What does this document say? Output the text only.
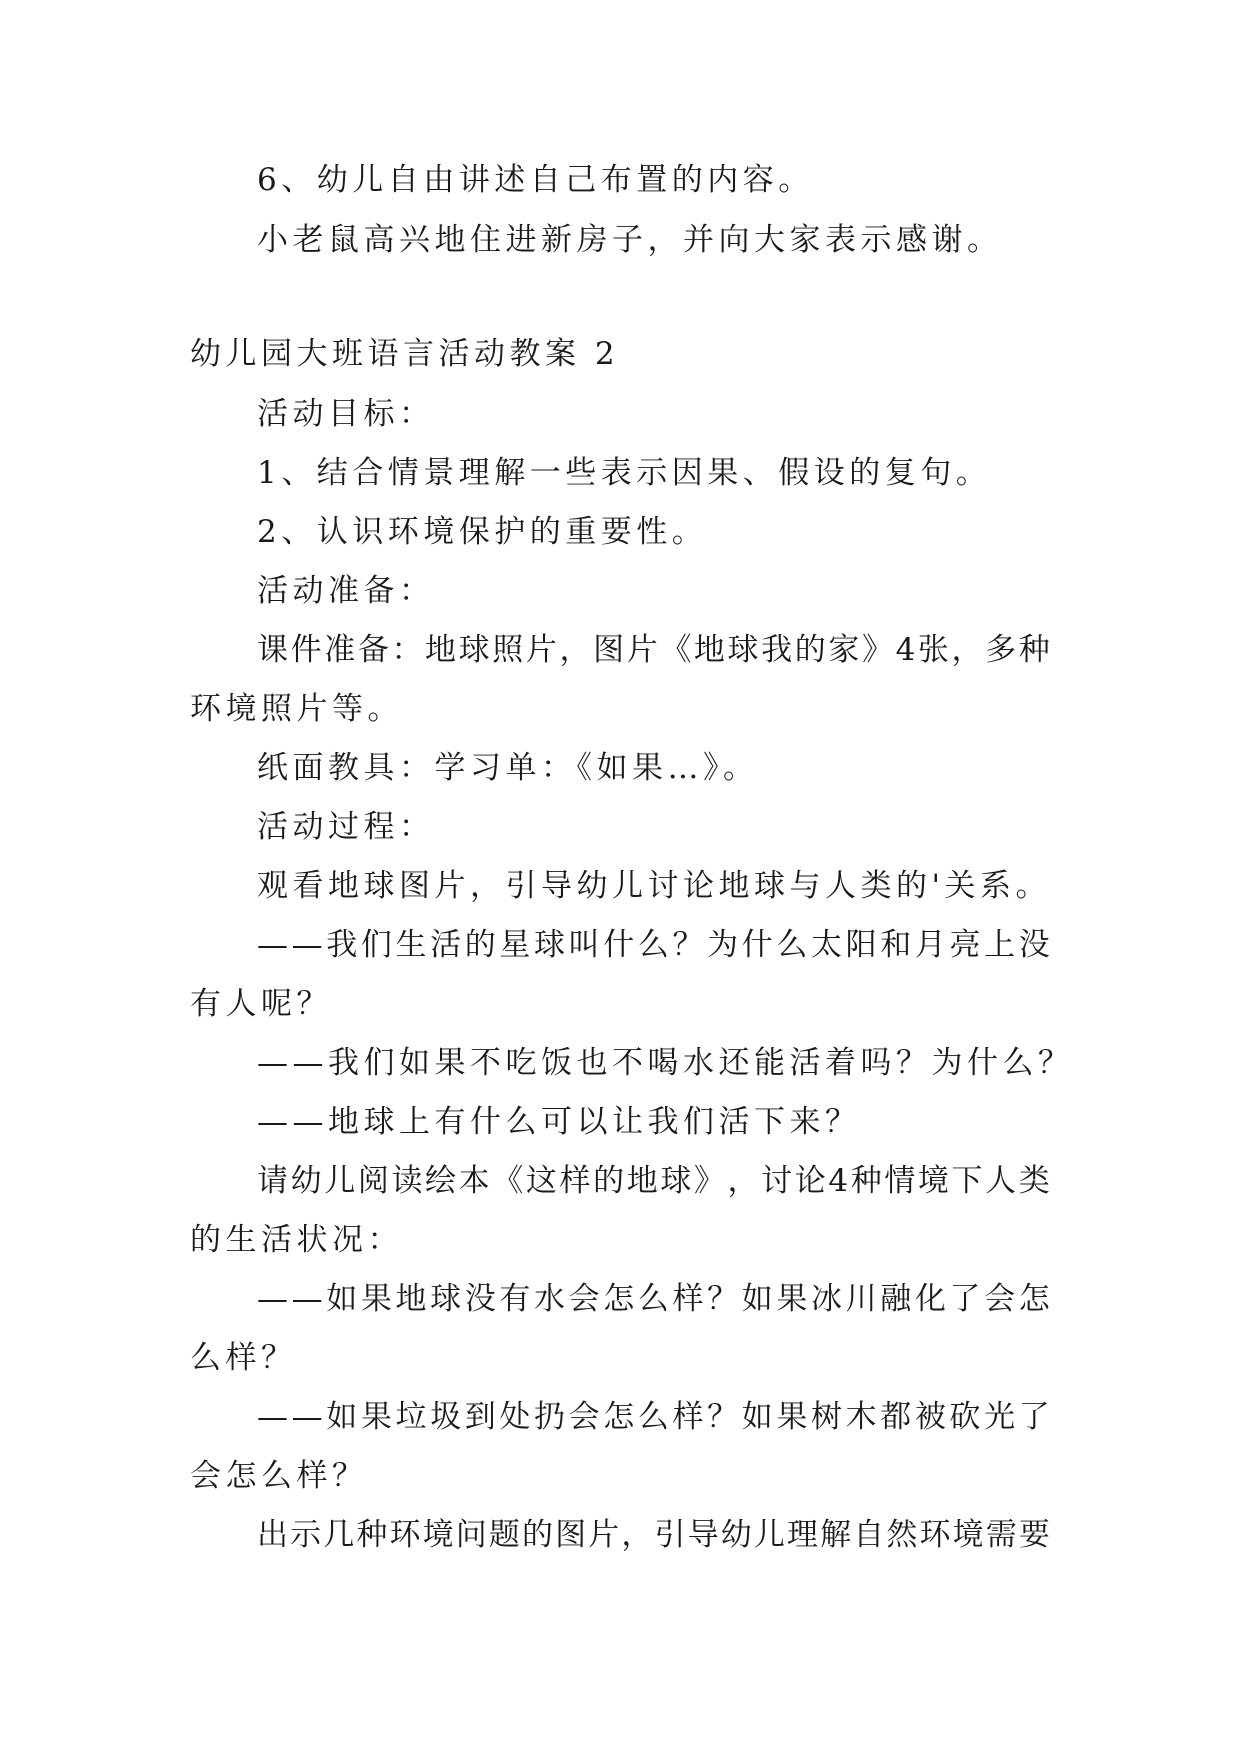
6、幼儿自由讲述自己布置的内容。
小老鼠高兴地住进新房子，并向大家表示感谢。
幼儿园大班语言活动教案 2
活动目标：
1、结合情景理解一些表示因果、假设的复句。
2、认识环境保护的重要性。
活动准备：
课 件 准 备 ： 地 球 照 片 ， 图 片 《 地 球 我 的 家 》 4 张 ， 多 种
环境照片等。
纸面教具：学习单：《如果…》。
活动过程：
观看地球图片，引导幼儿讨论地球与人类的'关系。
— — 我 们 生 活 的 星 球 叫 什 么 ？ 为 什 么 太 阳 和 月 亮 上 没
有人呢？
——我们如果不吃饭也不喝水还能活着吗？为什么？
——地球上有什么可以让我们活下来？
请 幼 儿 阅 读 绘 本 《 这 样 的 地 球 》 ， 讨 论 4 种 情 境 下 人 类
的生活状况：
— — 如 果 地 球 没 有 水 会 怎 么 样 ？ 如 果 冰 川 融 化 了 会 怎
么样？
— — 如 果 垃 圾 到 处 扔 会 怎 么 样 ？ 如 果 树 木 都 被 砍 光 了
会怎么样？
出 示 几 种 环 境 问 题 的 图 片 ， 引 导 幼 儿 理 解 自 然 环 境 需 要
